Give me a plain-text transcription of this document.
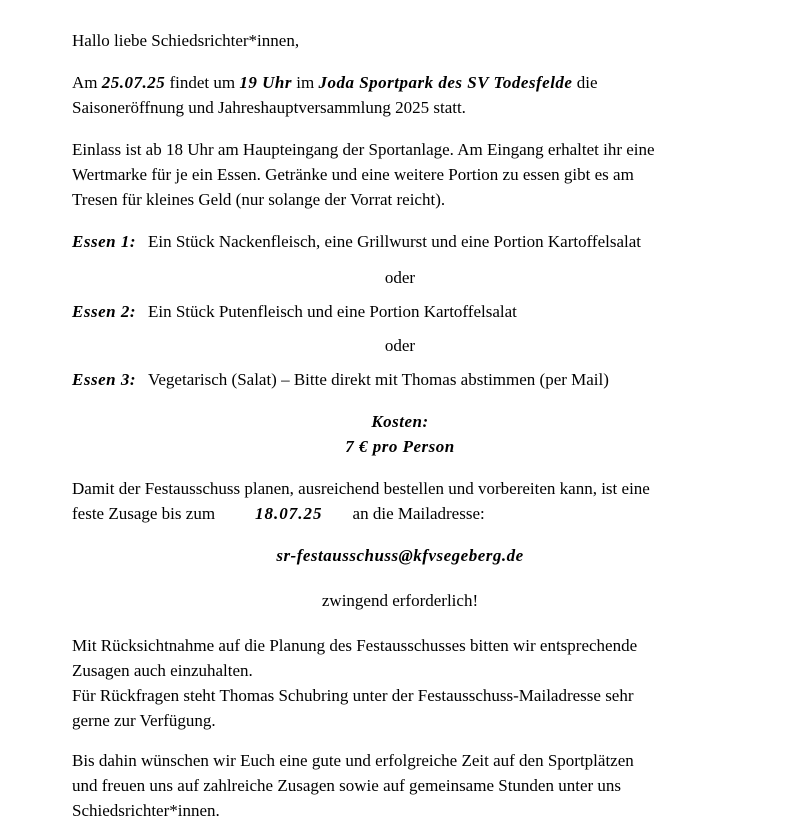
Hallo liebe Schiedsrichter*innen,
Am 25.07.25 findet um 19 Uhr im Joda Sportpark des SV Todesfelde die
Saisoneröffnung und Jahreshauptversammlung 2025 statt.
Einlass ist ab 18 Uhr am Haupteingang der Sportanlage. Am Eingang erhaltet ihr eine
Wertmarke für je ein Essen. Getränke und eine weitere Portion zu essen gibt es am
Tresen für kleines Geld (nur solange der Vorrat reicht).
Essen 1: Ein Stück Nackenfleisch, eine Grillwurst und eine Portion Kartoffelsalat
oder
Essen 2: Ein Stück Putenfleisch und eine Portion Kartoffelsalat
oder
Essen 3: Vegetarisch (Salat) – Bitte direkt mit Thomas abstimmen (per Mail)
Kosten:
7 € pro Person
Damit der Festausschuss planen, ausreichend bestellen und vorbereiten kann, ist eine
feste Zusage bis zum 18.07.25 an die Mailadresse:
sr-festausschuss@kfvsegeberg.de
zwingend erforderlich!
Mit Rücksichtnahme auf die Planung des Festausschusses bitten wir entsprechende
Zusagen auch einzuhalten.
Für Rückfragen steht Thomas Schubring unter der Festausschuss-Mailadresse sehr
gerne zur Verfügung.
Bis dahin wünschen wir Euch eine gute und erfolgreiche Zeit auf den Sportplätzen
und freuen uns auf zahlreiche Zusagen sowie auf gemeinsame Stunden unter uns
Schiedsrichter*innen.
